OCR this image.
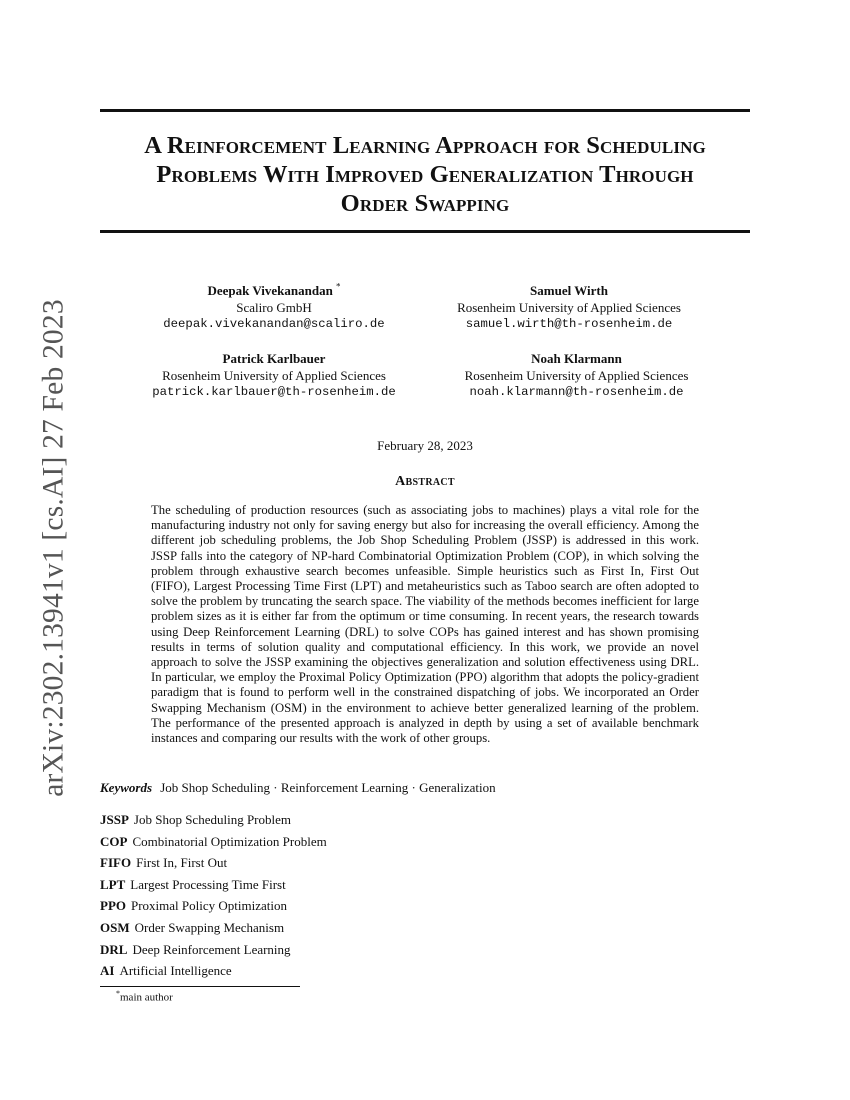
arXiv:2302.13941v1 [cs.AI] 27 Feb 2023
A Reinforcement Learning Approach for Scheduling
Problems With Improved Generalization Through
Order Swapping
Deepak Vivekanandan *
Scaliro GmbH
deepak.vivekanandan@scaliro.de
Samuel Wirth
Rosenheim University of Applied Sciences
samuel.wirth@th-rosenheim.de
Patrick Karlbauer
Rosenheim University of Applied Sciences
patrick.karlbauer@th-rosenheim.de
Noah Klarmann
Rosenheim University of Applied Sciences
noah.klarmann@th-rosenheim.de
February 28, 2023
Abstract

The scheduling of production resources (such as associating jobs to machines) plays a vital role for the manufacturing industry not only for saving energy but also for increasing the overall efficiency. Among the different job scheduling problems, the Job Shop Scheduling Problem (JSSP) is addressed in this work. JSSP falls into the category of NP-hard Combinatorial Optimization Problem (COP), in which solving the problem through exhaustive search becomes unfeasible. Simple heuristics such as First In, First Out (FIFO), Largest Processing Time First (LPT) and metaheuristics such as Taboo search are often adopted to solve the problem by truncating the search space. The viability of the methods becomes inefficient for large problem sizes as it is either far from the optimum or time consuming. In recent years, the research towards using Deep Reinforcement Learning (DRL) to solve COPs has gained interest and has shown promising results in terms of solution quality and computational efficiency. In this work, we provide an novel approach to solve the JSSP examining the objectives generalization and solution effectiveness using DRL. In particular, we employ the Proximal Policy Optimization (PPO) algorithm that adopts the policy-gradient paradigm that is found to perform well in the constrained dispatching of jobs. We incorporated an Order Swapping Mechanism (OSM) in the environment to achieve better generalized learning of the problem. The performance of the presented approach is analyzed in depth by using a set of available benchmark instances and comparing our results with the work of other groups.

Keywords Job Shop Scheduling · Reinforcement Learning · Generalization
JSSP Job Shop Scheduling Problem
COP Combinatorial Optimization Problem
FIFO First In, First Out
LPT Largest Processing Time First
PPO Proximal Policy Optimization
OSM Order Swapping Mechanism
DRL Deep Reinforcement Learning
AI Artificial Intelligence
*main author
